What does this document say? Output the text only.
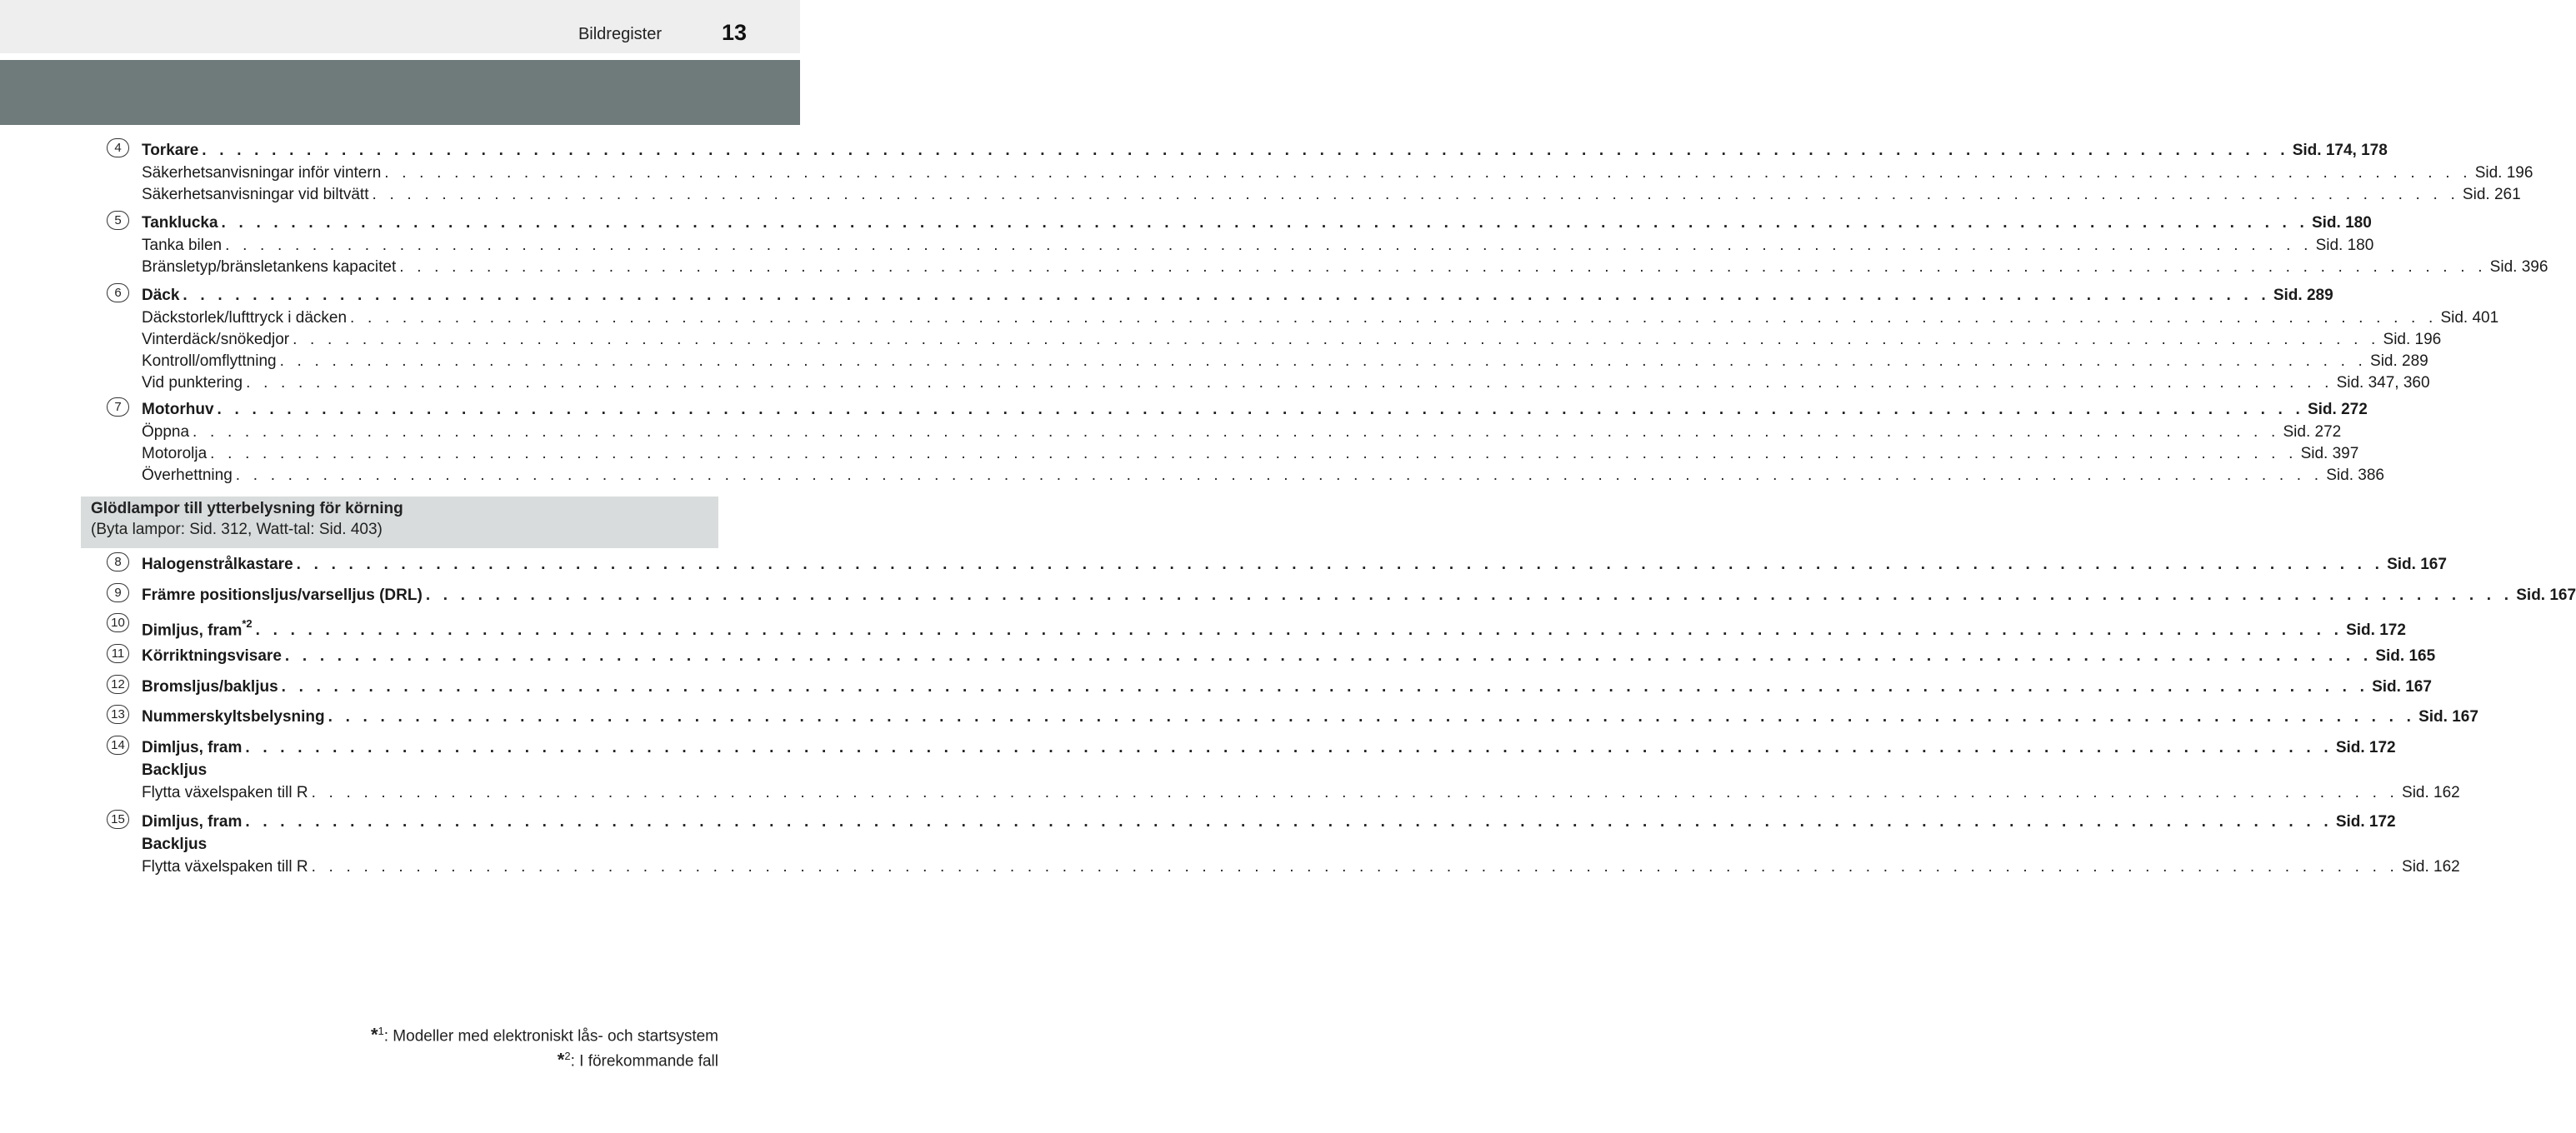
Bildregister	13
4	Torkare . . . . . . . . . . . . . . . . . . . . . . . . . . . . . . . . . . . . . . . . . . . . . . . . . . . . . . . . . . . . . . . . . . . . . . . . . . . . . . . . . . . . . . . . . . . . . . . . . . . . . . . . . . . . . . . . . . . . . . . . Sid. 174, 178
Säkerhetsanvisningar inför vintern . . . . . . . . . . . . . . . . . . . . . . . . . . . . . . . . . . . . . . . . . . . . . . . . . . . . . . . . . . . . . . . . . . . . . . . . . . . . . . . . . . . . . . . . . . . . . . . . . . . . . . . . . . . . . . . . . . . . . . . . Sid. 196
Säkerhetsanvisningar vid biltvätt . . . . . . . . . . . . . . . . . . . . . . . . . . . . . . . . . . . . . . . . . . . . . . . . . . . . . . . . . . . . . . . . . . . . . . . . . . . . . . . . . . . . . . . . . . . . . . . . . . . . . . . . . . . . . . . . . . . . . . . . Sid. 261
5	Tanklucka . . . . . . . . . . . . . . . . . . . . . . . . . . . . . . . . . . . . . . . . . . . . . . . . . . . . . . . . . . . . . . . . . . . . . . . . . . . . . . . . . . . . . . . . . . . . . . . . . . . . . . . . . . . . . . . . . . . . . . . . Sid. 180
Tanka bilen . . . . . . . . . . . . . . . . . . . . . . . . . . . . . . . . . . . . . . . . . . . . . . . . . . . . . . . . . . . . . . . . . . . . . . . . . . . . . . . . . . . . . . . . . . . . . . . . . . . . . . . . . . . . . . . . . . . . . . . . Sid. 180
Bränsletyp/bränsletankens kapacitet . . . . . . . . . . . . . . . . . . . . . . . . . . . . . . . . . . . . . . . . . . . . . . . . . . . . . . . . . . . . . . . . . . . . . . . . . . . . . . . . . . . . . . . . . . . . . . . . . . . . . . . . . . . . . . . . . . . . . . . . Sid. 396
6	Däck . . . . . . . . . . . . . . . . . . . . . . . . . . . . . . . . . . . . . . . . . . . . . . . . . . . . . . . . . . . . . . . . . . . . . . . . . . . . . . . . . . . . . . . . . . . . . . . . . . . . . . . . . . . . . . . . . . . . . . . . Sid. 289
Däckstorlek/lufttryck i däcken . . . . . . . . . . . . . . . . . . . . . . . . . . . . . . . . . . . . . . . . . . . . . . . . . . . . . . . . . . . . . . . . . . . . . . . . . . . . . . . . . . . . . . . . . . . . . . . . . . . . . . . . . . . . . . . . . . . . . . . . Sid. 401
Vinterdäck/snökedjor . . . . . . . . . . . . . . . . . . . . . . . . . . . . . . . . . . . . . . . . . . . . . . . . . . . . . . . . . . . . . . . . . . . . . . . . . . . . . . . . . . . . . . . . . . . . . . . . . . . . . . . . . . . . . . . . . . . . . . . . Sid. 196
Kontroll/omflyttning . . . . . . . . . . . . . . . . . . . . . . . . . . . . . . . . . . . . . . . . . . . . . . . . . . . . . . . . . . . . . . . . . . . . . . . . . . . . . . . . . . . . . . . . . . . . . . . . . . . . . . . . . . . . . . . . . . . . . . . . Sid. 289
Vid punktering . . . . . . . . . . . . . . . . . . . . . . . . . . . . . . . . . . . . . . . . . . . . . . . . . . . . . . . . . . . . . . . . . . . . . . . . . . . . . . . . . . . . . . . . . . . . . . . . . . . . . . . . . . . . . . . . . . . . . . . . Sid. 347, 360
7	Motorhuv . . . . . . . . . . . . . . . . . . . . . . . . . . . . . . . . . . . . . . . . . . . . . . . . . . . . . . . . . . . . . . . . . . . . . . . . . . . . . . . . . . . . . . . . . . . . . . . . . . . . . . . . . . . . . . . . . . . . . . . . Sid. 272
Öppna . . . . . . . . . . . . . . . . . . . . . . . . . . . . . . . . . . . . . . . . . . . . . . . . . . . . . . . . . . . . . . . . . . . . . . . . . . . . . . . . . . . . . . . . . . . . . . . . . . . . . . . . . . . . . . . . . . . . . . . . Sid. 272
Motorolja . . . . . . . . . . . . . . . . . . . . . . . . . . . . . . . . . . . . . . . . . . . . . . . . . . . . . . . . . . . . . . . . . . . . . . . . . . . . . . . . . . . . . . . . . . . . . . . . . . . . . . . . . . . . . . . . . . . . . . . . Sid. 397
Överhettning . . . . . . . . . . . . . . . . . . . . . . . . . . . . . . . . . . . . . . . . . . . . . . . . . . . . . . . . . . . . . . . . . . . . . . . . . . . . . . . . . . . . . . . . . . . . . . . . . . . . . . . . . . . . . . . . . . . . . . . . Sid. 386
8	Halogenstrålkastare . . . . . . . . . . . . . . . . . . . . . . . . . . . . . . . . . . . . . . . . . . . . . . . . . . . . . . . . . . . . . . . . . . . . . . . . . . . . . . . . . . . . . . . . . . . . . . . . . . . . . . . . . . . . . . . . . . . . . . . . Sid. 167
9	Främre positionsljus/varselljus (DRL) . . . . . . . . . . . . . . . . . . . . . . . . . . . . . . . . . . . . . . . . . . . . . . . . . . . . . . . . . . . . . . . . . . . . . . . . . . . . . . . . . . . . . . . . . . . . . . . . . . . . . . . . . . . . . . . . . . . . . . . . Sid. 167
10 Dimljus, fram$^{*2}$ . . . . . . . . . . . . . . . . . . . . . . . . . . . . . . . . . . . . . . . . . . . . . . . . . . . . . . . . . . . . . . . . . . . . . . . . . . . . . . . . . . . . . . . . . . . . . . . . . . . . . . . . . . . . . . . . . . . . . . . . Sid. 172
11	Körriktningsvisare . . . . . . . . . . . . . . . . . . . . . . . . . . . . . . . . . . . . . . . . . . . . . . . . . . . . . . . . . . . . . . . . . . . . . . . . . . . . . . . . . . . . . . . . . . . . . . . . . . . . . . . . . . . . . . . . . . . . . . . . Sid. 165
12 Bromsljus/bakljus . . . . . . . . . . . . . . . . . . . . . . . . . . . . . . . . . . . . . . . . . . . . . . . . . . . . . . . . . . . . . . . . . . . . . . . . . . . . . . . . . . . . . . . . . . . . . . . . . . . . . . . . . . . . . . . . . . . . . . . . Sid. 167
13 Nummerskyltsbelysning . . . . . . . . . . . . . . . . . . . . . . . . . . . . . . . . . . . . . . . . . . . . . . . . . . . . . . . . . . . . . . . . . . . . . . . . . . . . . . . . . . . . . . . . . . . . . . . . . . . . . . . . . . . . . . . . . . . . . . . . Sid. 167
14 Dimljus, fram . . . . . . . . . . . . . . . . . . . . . . . . . . . . . . . . . . . . . . . . . . . . . . . . . . . . . . . . . . . . . . . . . . . . . . . . . . . . . . . . . . . . . . . . . . . . . . . . . . . . . . . . . . . . . . . . . . . . . . . . Sid. 172
Backljus
Flytta växelspaken till R . . . . . . . . . . . . . . . . . . . . . . . . . . . . . . . . . . . . . . . . . . . . . . . . . . . . . . . . . . . . . . . . . . . . . . . . . . . . . . . . . . . . . . . . . . . . . . . . . . . . . . . . . . . . . . . . . . . . . . . . Sid. 162
15 Dimljus, fram . . . . . . . . . . . . . . . . . . . . . . . . . . . . . . . . . . . . . . . . . . . . . . . . . . . . . . . . . . . . . . . . . . . . . . . . . . . . . . . . . . . . . . . . . . . . . . . . . . . . . . . . . . . . . . . . . . . . . . . . Sid. 172
Backljus
Flytta växelspaken till R . . . . . . . . . . . . . . . . . . . . . . . . . . . . . . . . . . . . . . . . . . . . . . . . . . . . . . . . . . . . . . . . . . . . . . . . . . . . . . . . . . . . . . . . . . . . . . . . . . . . . . . . . . . . . . . . . . . . . . . . Sid. 162
Glödlampor till ytterbelysning för körning
(Byta lampor: Sid. 312, Watt-tal: Sid. 403)
*$^1$: Modeller med elektroniskt lås- och startsystem
*$^2$: I förekommande fall
